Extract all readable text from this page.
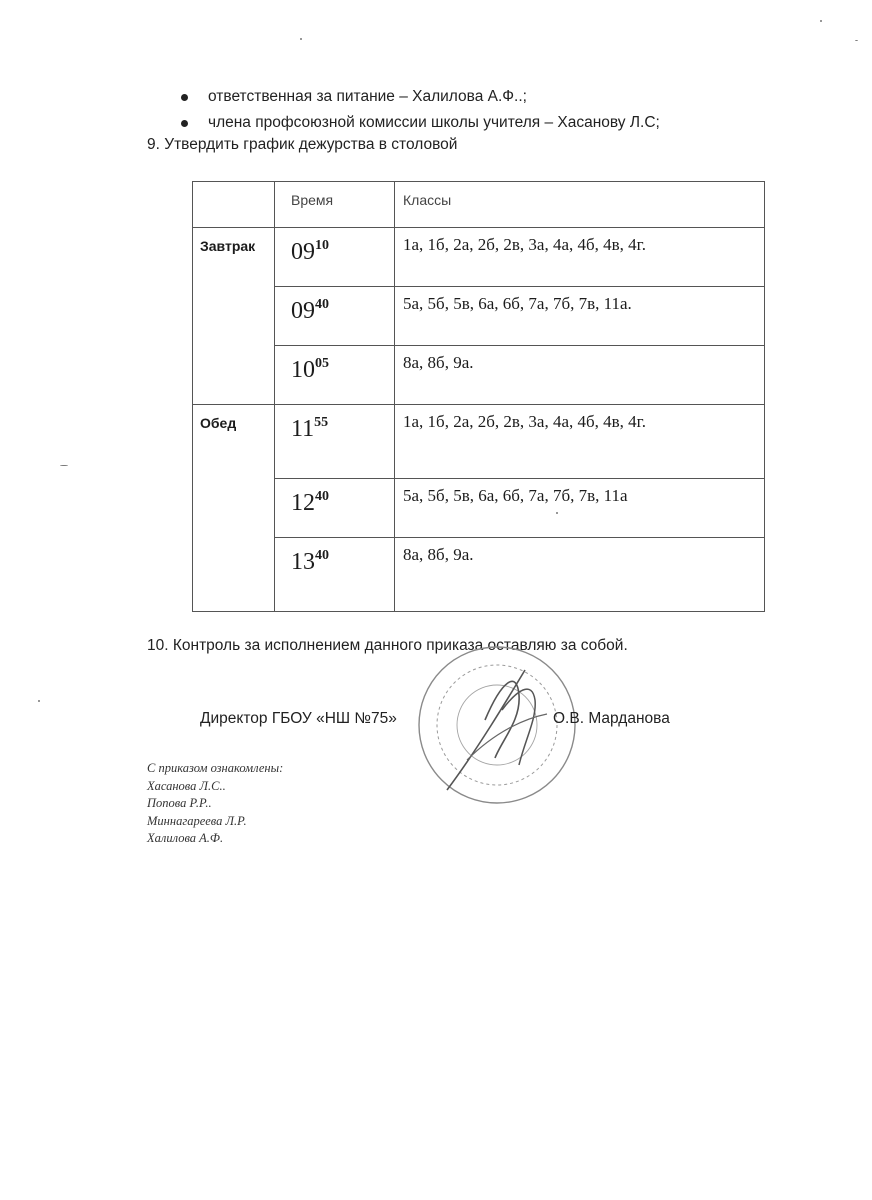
ответственная за питание – Халилова А.Ф..;
члена профсоюзной комиссии школы учителя – Хасанову Л.С;
9. Утвердить график дежурства в столовой
	Время	Классы
Завтрак	$09^{10}$	1а, 1б, 2а, 2б, 2в, 3а, 4а, 4б, 4в, 4г.
	$09^{40}$	5а, 5б, 5в, 6а, 6б, 7а, 7б, 7в, 11а.
	$10^{05}$	8а, 8б, 9а.
Обед	$11^{55}$	1а, 1б, 2а, 2б, 2в, 3а, 4а, 4б, 4в, 4г.
	$12^{40}$	5а, 5б, 5в, 6а, 6б, 7а, 7б, 7в, 11а
	$13^{40}$	8а, 8б, 9а.
10. Контроль за исполнением данного приказа оставляю за собой.
Директор ГБОУ «НШ №75»	О.В. Марданова
С приказом ознакомлены:
Хасанова Л.С..
Попова Р.Р..
Миннагареева Л.Р.
Халилова А.Ф.
